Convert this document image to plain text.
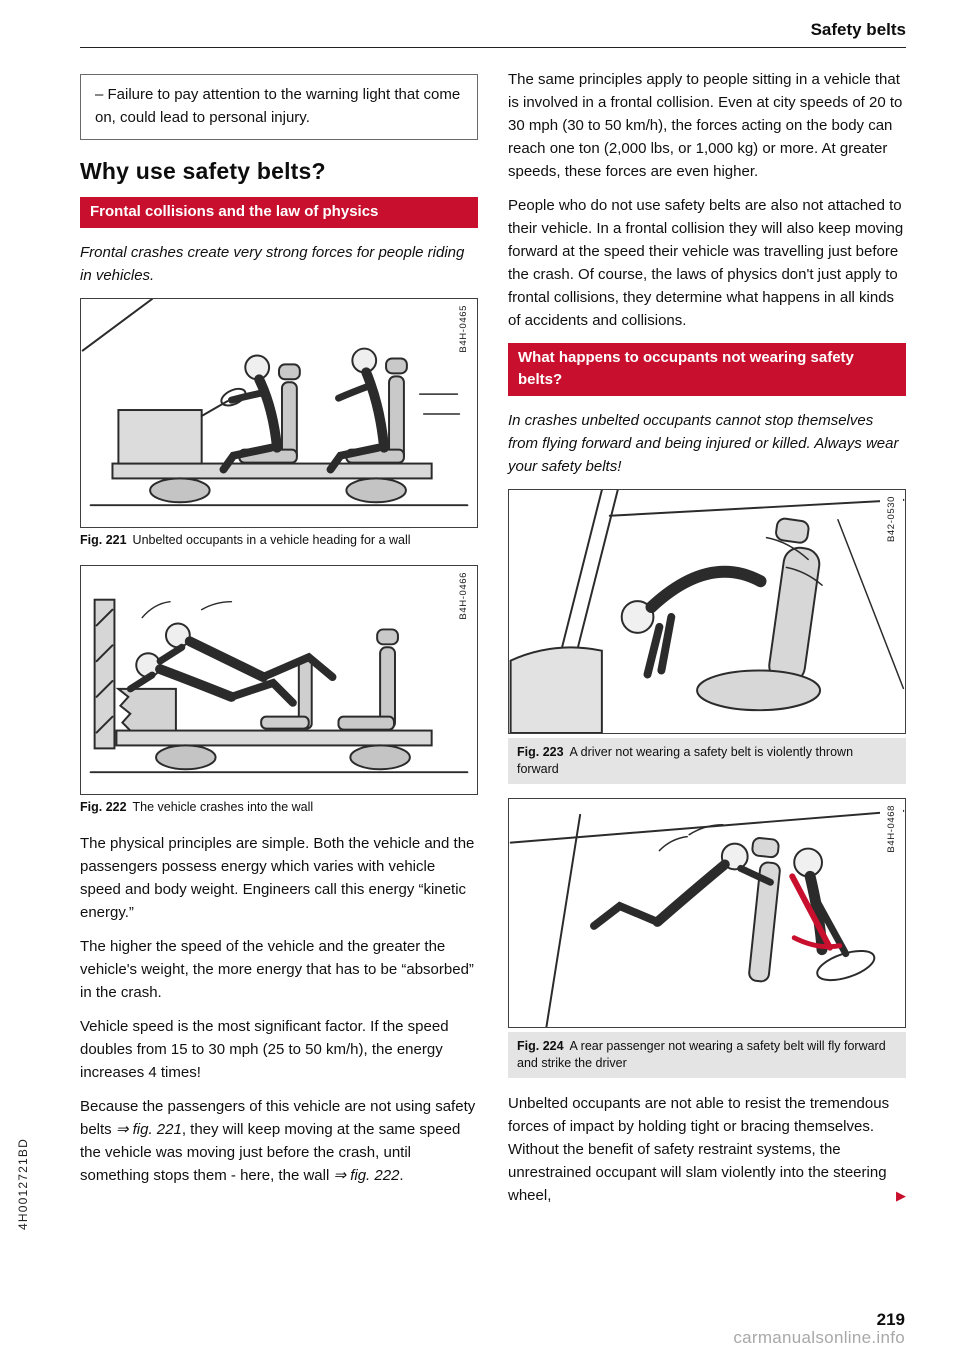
Safety belts
– Failure to pay attention to the warning light that come on, could lead to personal injury.
Why use safety belts?
Frontal collisions and the law of physics

Frontal crashes create very strong forces for people riding in vehicles.

B4H-0465
Fig. 221 Unbelted occupants in a vehicle heading for a wall
B4H-0466
Fig. 222 The vehicle crashes into the wall

The physical principles are simple. Both the vehicle and the passengers possess energy which varies with vehicle speed and body weight. Engineers call this energy “kinetic energy.”

The higher the speed of the vehicle and the greater the vehicle's weight, the more energy that has to be “absorbed” in the crash.

Vehicle speed is the most significant factor. If the speed doubles from 15 to 30 mph (25 to 50 km/h), the energy increases 4 times!

Because the passengers of this vehicle are not using safety belts ⇒ fig. 221, they will keep moving at the same speed the vehicle was moving just before the crash, until something stops them - here, the wall ⇒ fig. 222.

The same principles apply to people sitting in a vehicle that is involved in a frontal collision. Even at city speeds of 20 to 30 mph (30 to 50 km/h), the forces acting on the body can reach one ton (2,000 lbs, or 1,000 kg) or more. At greater speeds, these forces are even higher.

People who do not use safety belts are also not attached to their vehicle. In a frontal collision they will also keep moving forward at the speed their vehicle was travelling just before the crash. Of course, the laws of physics don't just apply to frontal collisions, they determine what happens in all kinds of accidents and collisions.

What happens to occupants not wearing safety belts?

In crashes unbelted occupants cannot stop themselves from flying forward and being injured or killed. Always wear your safety belts!

B42-0530
Fig. 223 A driver not wearing a safety belt is violently thrown forward
B4H-0468
Fig. 224 A rear passenger not wearing a safety belt will fly forward and strike the driver

Unbelted occupants are not able to resist the tremendous forces of impact by holding tight or bracing themselves. Without the benefit of safety restraint systems, the unrestrained occupant will slam violently into the steering wheel,	▶

4H0012721BD
219
carmanualsonline.info
